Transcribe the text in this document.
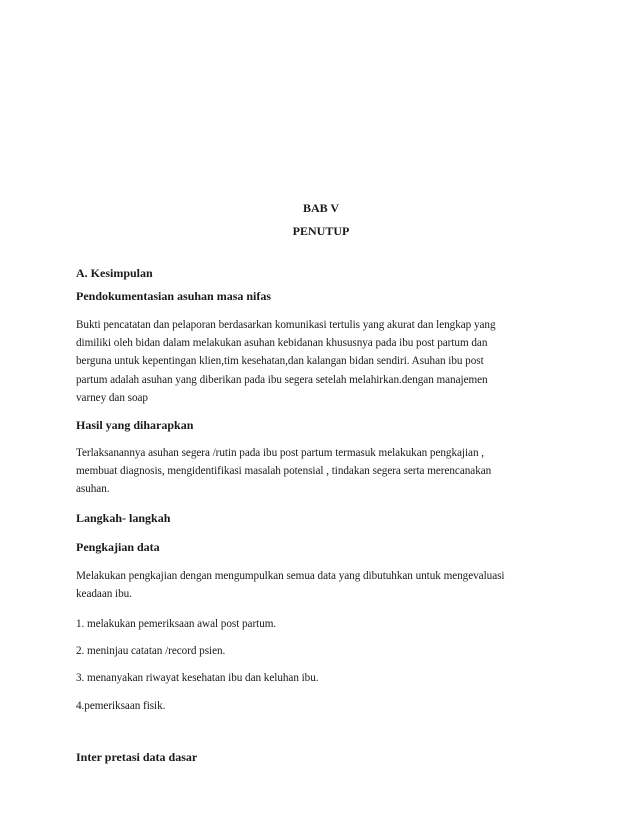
BAB V
PENUTUP
A. Kesimpulan
Pendokumentasian asuhan masa nifas
Bukti pencatatan dan pelaporan berdasarkan komunikasi tertulis yang akurat dan lengkap yang
dimiliki oleh bidan dalam melakukan asuhan kebidanan khususnya pada ibu post partum dan
berguna untuk kepentingan klien,tim kesehatan,dan kalangan bidan sendiri. Asuhan ibu post
partum adalah asuhan yang diberikan pada ibu segera setelah melahirkan.dengan manajemen
varney dan soap
Hasil yang diharapkan
Terlaksanannya asuhan segera /rutin pada ibu post partum termasuk melakukan pengkajian ,
membuat diagnosis, mengidentifikasi masalah potensial , tindakan segera serta merencanakan
asuhan.
Langkah- langkah
Pengkajian data
Melakukan pengkajian dengan mengumpulkan semua data yang dibutuhkan untuk mengevaluasi
keadaan ibu.
1. melakukan pemeriksaan awal post partum.
2. meninjau catatan /record psien.
3. menanyakan riwayat kesehatan ibu dan keluhan ibu.
4.pemeriksaan fisik.
Inter pretasi data dasar
